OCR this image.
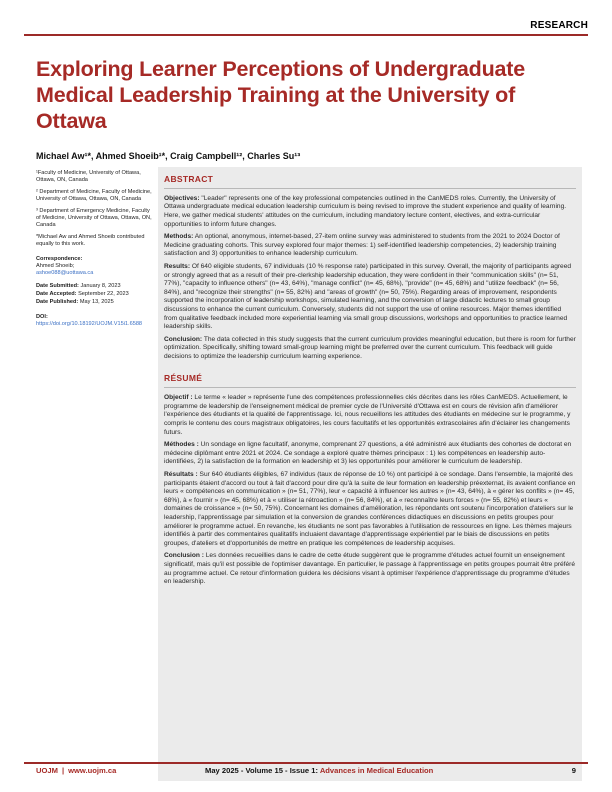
RESEARCH
Exploring Learner Perceptions of Undergraduate Medical Leadership Training at the University of Ottawa
Michael Aw¹*, Ahmed Shoeib¹*, Craig Campbell¹², Charles Su¹³

¹Faculty of Medicine, University of Ottawa, Ottawa, ON, Canada

² Department of Medicine, Faculty of Medicine, University of Ottawa, Ottawa, ON, Canada

³ Department of Emergency Medicine, Faculty of Medicine, University of Ottawa, Ottawa, ON, Canada

*Michael Aw and Ahmed Shoeib contributed equally to this work.

Correspondence:
Ahmed Shoeib;
ashoe088@uottawa.ca

Date Submitted: January 8, 2023

Date Accepted: September 22, 2023

Date Published: May 13, 2025

DOI: https://doi.org/10.18192/UOJM.V15i1.6588
ABSTRACT

Objectives: "Leader" represents one of the key professional competencies outlined in the CanMEDS roles. Currently, the University of Ottawa undergraduate medical education leadership curriculum is being revised to improve the student experience and quality of learning. Here, we gather medical students' attitudes on the curriculum, including mandatory lecture content, electives, and extra-curricular opportunities to inform future changes.

Methods: An optional, anonymous, internet-based, 27-item online survey was administered to students from the 2021 to 2024 Doctor of Medicine graduating cohorts. This survey explored four major themes: 1) self-identified leadership competencies, 2) leadership training satisfaction and 3) opportunities to enhance leadership curriculum.

Results: Of 640 eligible students, 67 individuals (10 % response rate) participated in this survey. Overall, the majority of participants agreed or strongly agreed that as a result of their pre-clerkship leadership education, they were confident in their "communication skills" (n= 51, 77%), "capacity to influence others" (n= 43, 64%), "manage conflict" (n= 45, 68%), "provide" (n= 45, 68%) and "utilize feedback" (n= 56, 84%), and "recognize their strengths" (n= 55, 82%) and "areas of growth" (n= 50, 75%). Regarding areas of improvement, respondents supported the incorporation of leadership workshops, simulated learning, and the conversion of large didactic lectures to small group discussions to enhance the current curriculum. Conversely, students did not support the use of online resources. Major themes identified from qualitative feedback included more experiential learning via small group discussions, workshops and opportunities to practice learned leadership skills.

Conclusion: The data collected in this study suggests that the current curriculum provides meaningful education, but there is room for further optimization. Specifically, shifting toward small-group learning might be preferred over the current curriculum. This feedback will guide decisions to optimize the leadership curriculum learning experience.

RÉSUMÉ

Objectif : Le terme « leader » représente l'une des compétences professionnelles clés décrites dans les rôles CanMEDS. Actuellement, le programme de leadership de l'enseignement médical de premier cycle de l'Université d'Ottawa est en cours de révision afin d'améliorer l'expérience des étudiants et la qualité de l'apprentissage. Ici, nous recueillons les attitudes des étudiants en médecine sur le programme, y compris le contenu des cours magistraux obligatoires, les cours facultatifs et les opportunités extrascolaires afin d'éclairer les changements futurs.

Méthodes : Un sondage en ligne facultatif, anonyme, comprenant 27 questions, a été administré aux étudiants des cohortes de doctorat en médecine diplômant entre 2021 et 2024. Ce sondage a exploré quatre thèmes principaux : 1) les compétences en leadership auto-identifiées, 2) la satisfaction de la formation en leadership et 3) les opportunités pour améliorer le curriculum de leadership.

Résultats : Sur 640 étudiants éligibles, 67 individus (taux de réponse de 10 %) ont participé à ce sondage. Dans l'ensemble, la majorité des participants étaient d'accord ou tout à fait d'accord pour dire qu'à la suite de leur formation en leadership préexternat, ils avaient confiance en leurs « compétences en communication » (n= 51, 77%), leur « capacité à influencer les autres » (n= 43, 64%), à « gérer les conflits » (n= 45, 68%), à « fournir » (n= 45, 68%) et à « utiliser la rétroaction » (n= 56, 84%), et à « reconnaître leurs forces » (n= 55, 82%) et leurs « domaines de croissance » (n= 50, 75%). Concernant les domaines d'amélioration, les répondants ont soutenu l'incorporation d'ateliers sur le leadership, l'apprentissage par simulation et la conversion de grandes conférences didactiques en discussions en petits groupes pour améliorer le programme actuel. En revanche, les étudiants ne sont pas favorables à l'utilisation de ressources en ligne. Les thèmes majeurs identifiés à partir des commentaires qualitatifs incluaient davantage d'apprentissage expérientiel par le biais de discussions en petits groupes, d'ateliers et d'opportunités de mettre en pratique les compétences de leadership acquises.

Conclusion : Les données recueillies dans le cadre de cette étude suggèrent que le programme d'études actuel fournit un enseignement significatif, mais qu'il est possible de l'optimiser davantage. En particulier, le passage à l'apprentissage en petits groupes pourrait être préféré au programme actuel. Ce retour d'information guidera les décisions visant à optimiser l'expérience d'apprentissage du programme d'études en leadership.

UOJM | www.uojm.ca	May 2025 - Volume 15 - Issue 1: Advances in Medical Education	9
